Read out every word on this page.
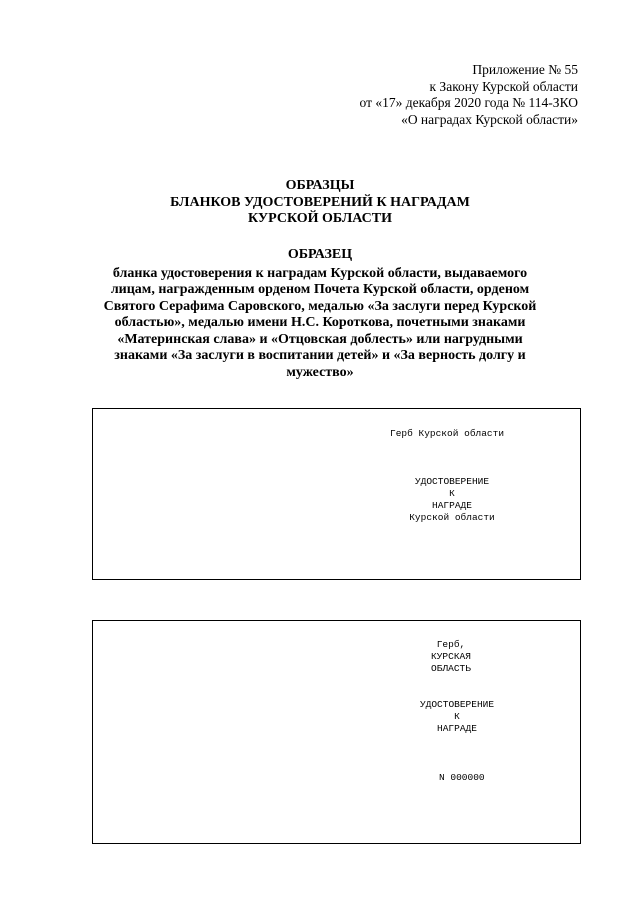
Приложение № 55
к Закону Курской области
от «17» декабря 2020 года № 114-ЗКО
«О наградах Курской области»
ОБРАЗЦЫ
БЛАНКОВ УДОСТОВЕРЕНИЙ К НАГРАДАМ
КУРСКОЙ ОБЛАСТИ
ОБРАЗЕЦ
бланка удостоверения к наградам Курской области, выдаваемого
лицам, награжденным орденом Почета Курской области, орденом
Святого Серафима Саровского, медалью «За заслуги перед Курской
областью», медалью имени Н.С. Короткова, почетными знаками
«Материнская слава» и «Отцовская доблесть» или нагрудными
знаками «За заслуги в воспитании детей» и «За верность долгу и
мужество»
Герб Курской области
УДОСТОВЕРЕНИЕ
К
НАГРАДЕ
Курской области
Герб,
КУРСКАЯ
ОБЛАСТЬ
УДОСТОВЕРЕНИЕ
К
НАГРАДЕ
N 000000
